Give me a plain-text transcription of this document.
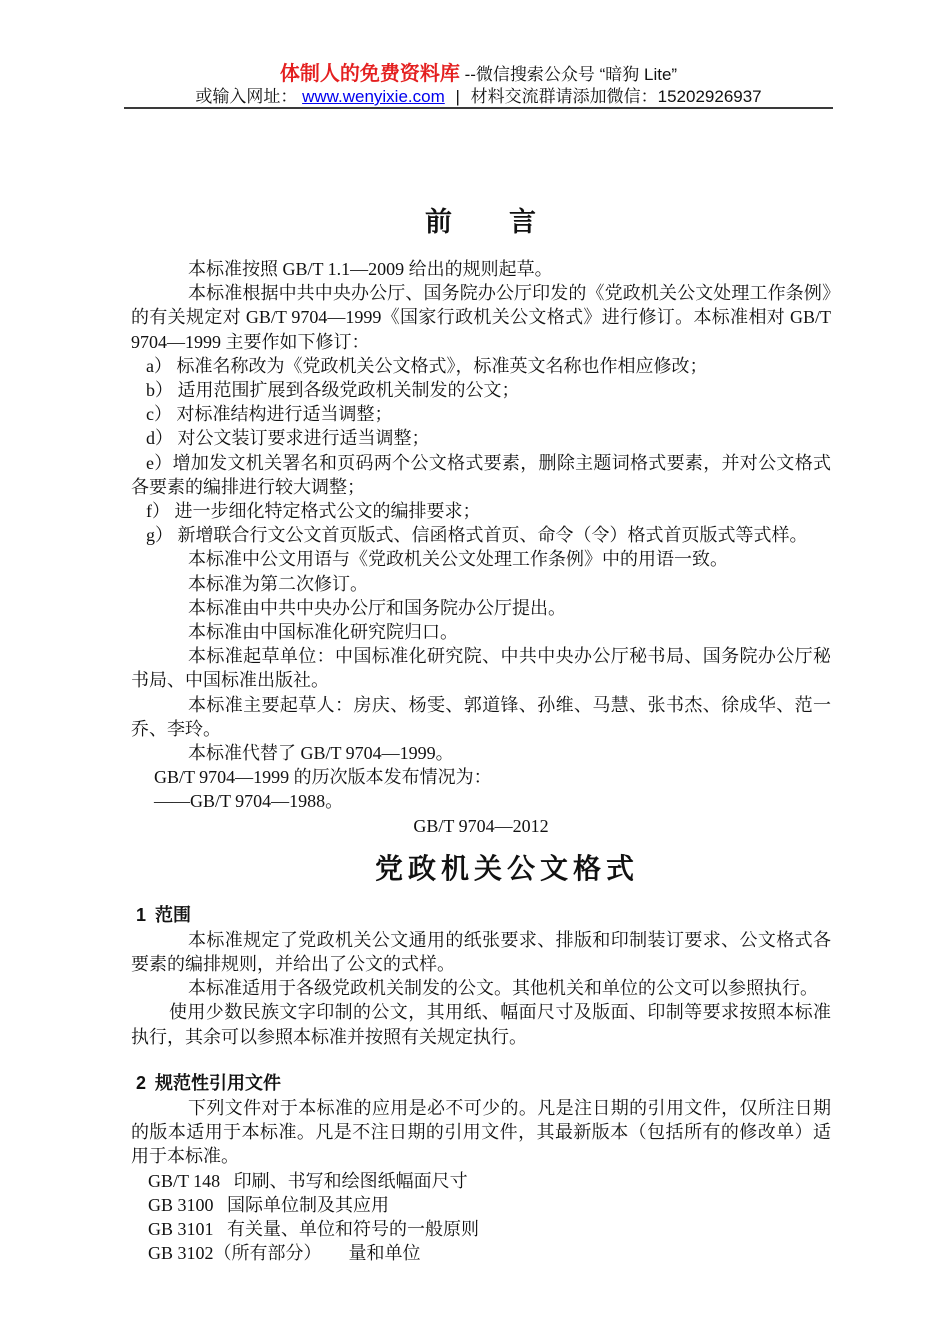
体制人的免费资料库 --微信搜索公众号 “暗狗 Lite”
或输入网址： www.wenyixie.com | 材料交流群请添加微信：15202926937
前　　言

本标准按照 GB/T 1.1—2009 给出的规则起草。

本标准根据中共中央办公厅、国务院办公厅印发的《党政机关公文处理工作条例》的有关规定对 GB/T 9704—1999《国家行政机关公文格式》进行修订。本标准相对 GB/T 9704—1999 主要作如下修订：

a） 标准名称改为《党政机关公文格式》，标准英文名称也作相应修改；

b） 适用范围扩展到各级党政机关制发的公文；

c） 对标准结构进行适当调整；

d） 对公文装订要求进行适当调整；

e）增加发文机关署名和页码两个公文格式要素，删除主题词格式要素，并对公文格式各要素的编排进行较大调整；

f） 进一步细化特定格式公文的编排要求；

g） 新增联合行文公文首页版式、信函格式首页、命令（令）格式首页版式等式样。

本标准中公文用语与《党政机关公文处理工作条例》中的用语一致。

本标准为第二次修订。

本标准由中共中央办公厅和国务院办公厅提出。

本标准由中国标准化研究院归口。

本标准起草单位：中国标准化研究院、中共中央办公厅秘书局、国务院办公厅秘书局、中国标准出版社。

本标准主要起草人：房庆、杨雯、郭道锋、孙维、马慧、张书杰、徐成华、范一乔、李玲。

本标准代替了 GB/T 9704—1999。

GB/T 9704—1999 的历次版本发布情况为：

——GB/T 9704—1988。

GB/T 9704—2012

党政机关公文格式
1 范围

本标准规定了党政机关公文通用的纸张要求、排版和印制装订要求、公文格式各要素的编排规则，并给出了公文的式样。

本标准适用于各级党政机关制发的公文。其他机关和单位的公文可以参照执行。

使用少数民族文字印制的公文，其用纸、幅面尺寸及版面、印制等要求按照本标准执行，其余可以参照本标准并按照有关规定执行。

2 规范性引用文件

下列文件对于本标准的应用是必不可少的。凡是注日期的引用文件，仅所注日期的版本适用于本标准。凡是不注日期的引用文件，其最新版本（包括所有的修改单）适用于本标准。

GB/T 148  印刷、书写和绘图纸幅面尺寸

GB 3100  国际单位制及其应用

GB 3101  有关量、单位和符号的一般原则

GB 3102（所有部分）　　量和单位
